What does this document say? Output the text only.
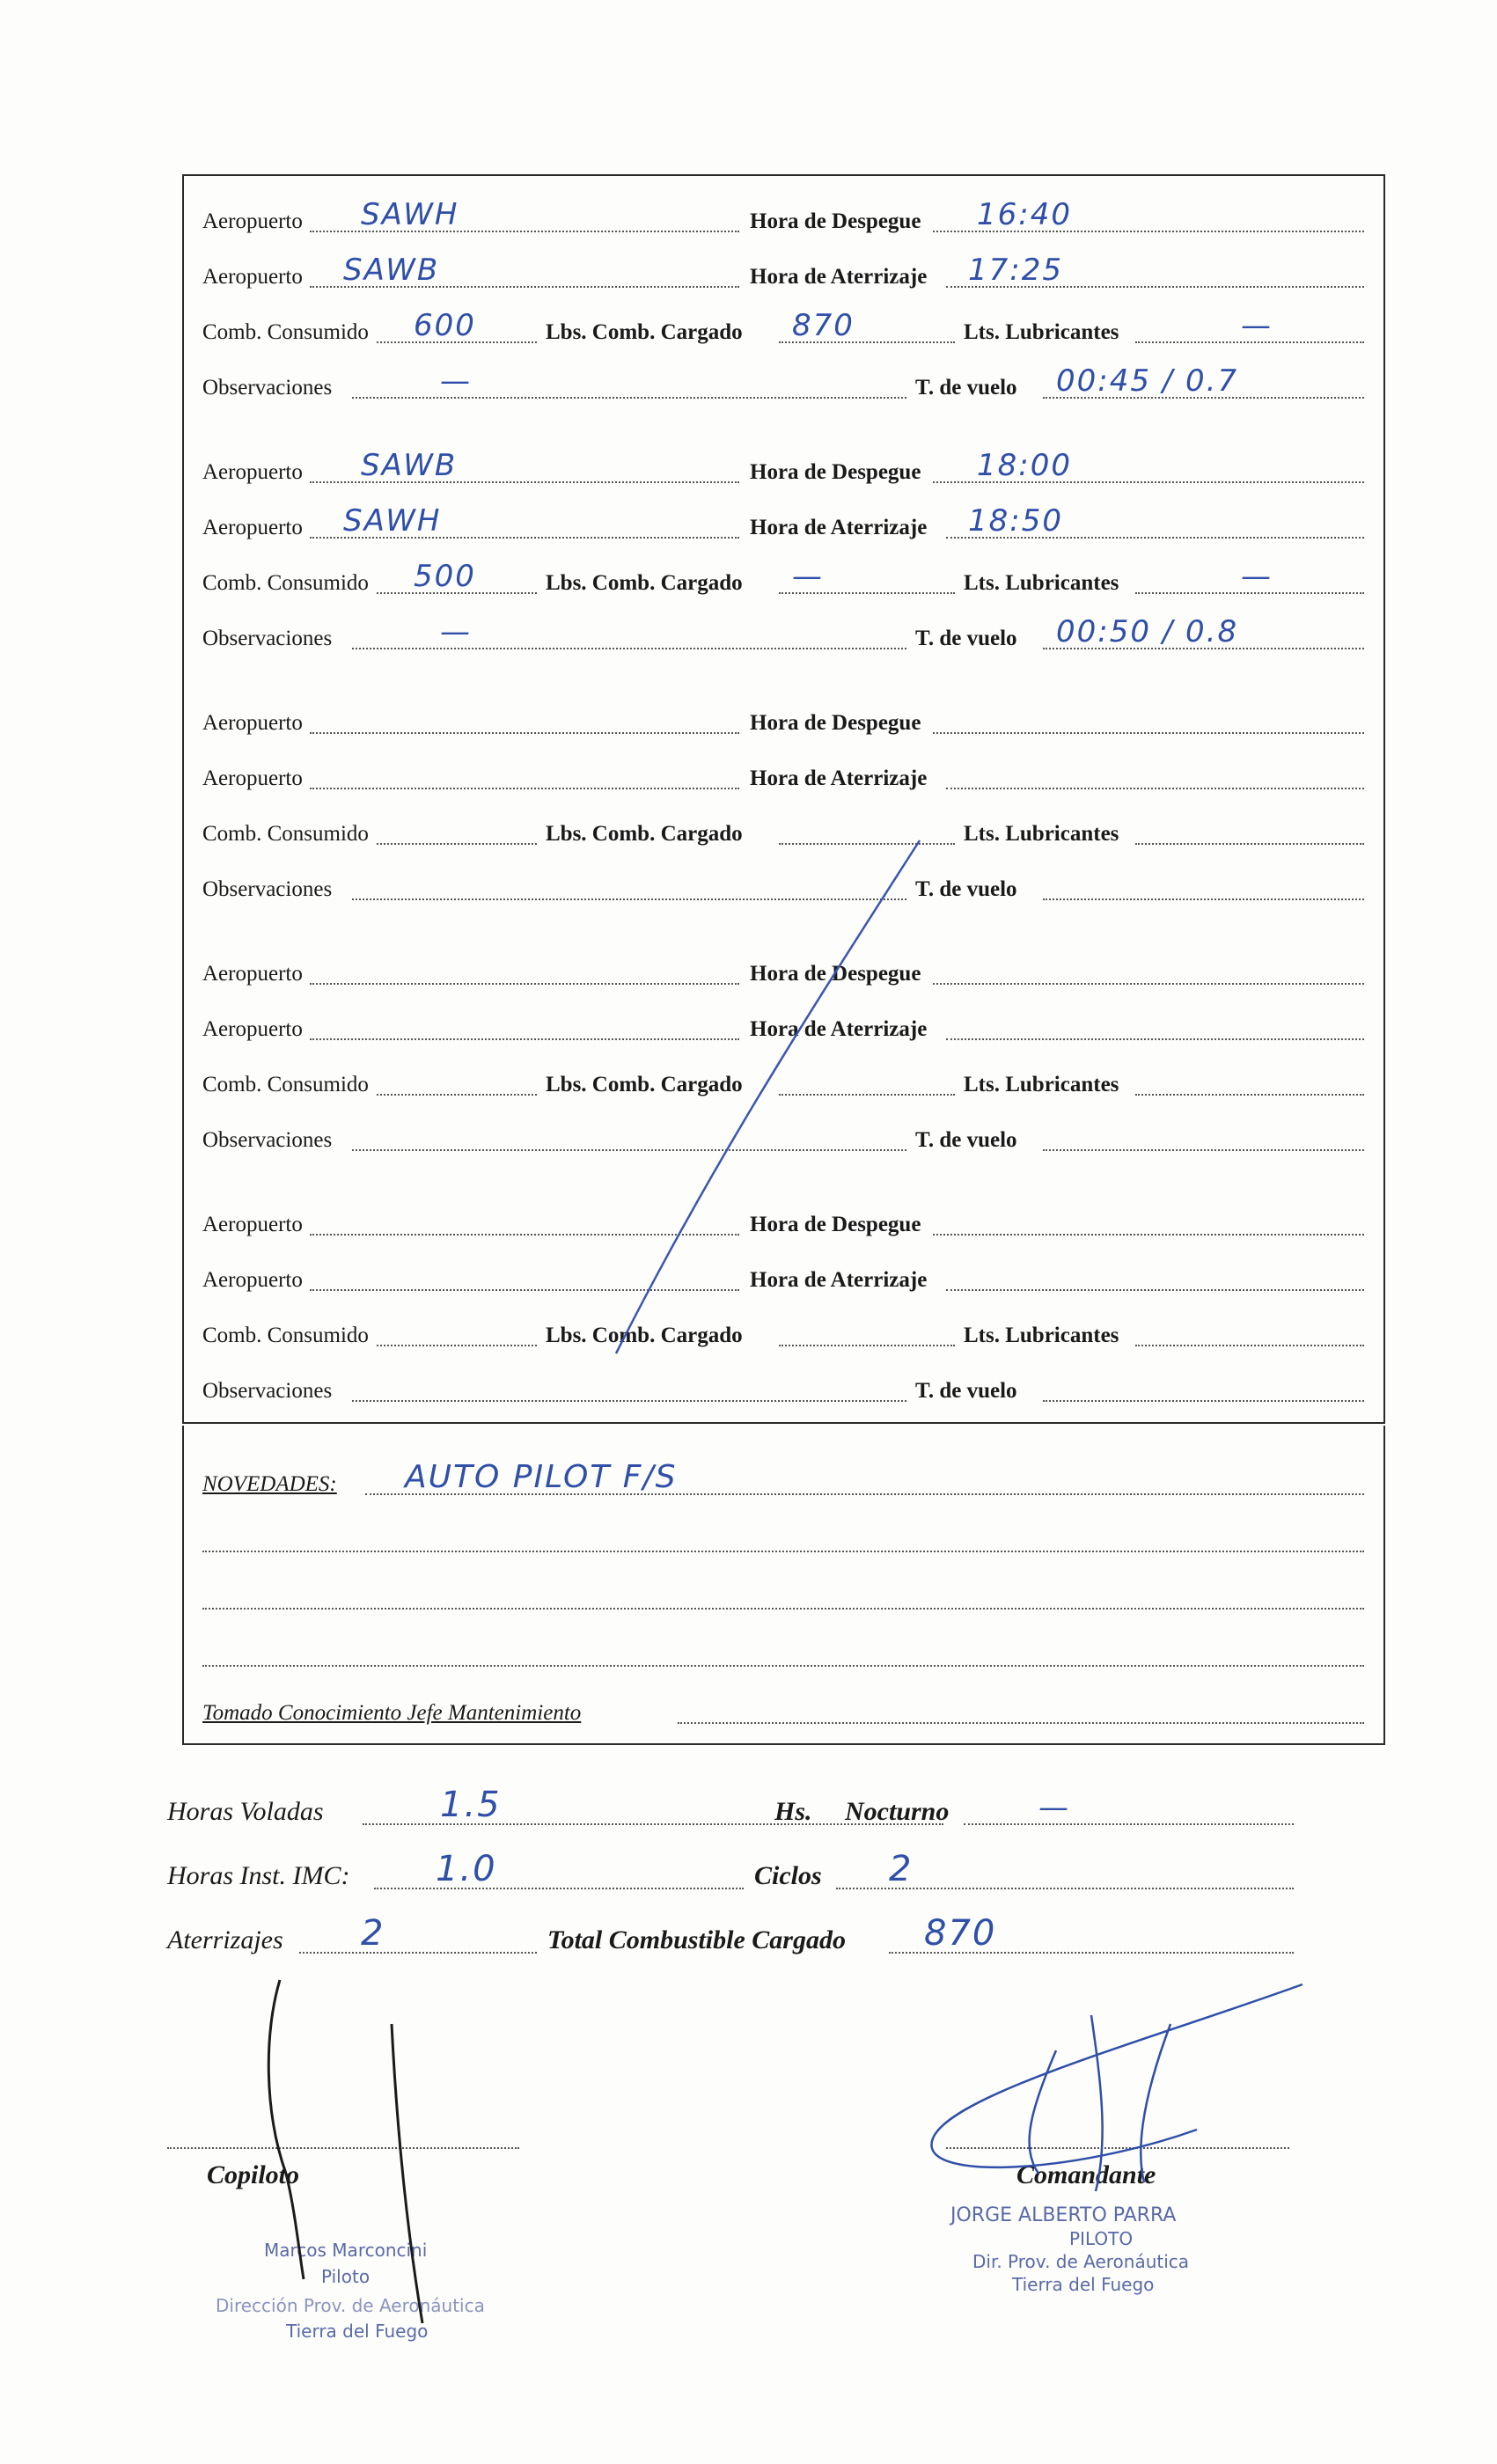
Aeropuerto SAWH	Hora de Despegue 16:40
Aeropuerto SAWB	Hora de Aterrizaje 17:25
Comb. Consumido 600	Lbs. Comb. Cargado 870	Lts. Lubricantes	—
Observaciones	—	T. de vuelo 00:45 / 0.7
Aeropuerto SAWB	Hora de Despegue 18:00
Aeropuerto SAWH	Hora de Aterrizaje 18:50
Comb. Consumido 500	Lbs. Comb. Cargado —	Lts. Lubricantes	—
Observaciones	—	T. de vuelo 00:50 / 0.8
Aeropuerto	Hora de Despegue
Aeropuerto	Hora de Aterrizaje
Comb. Consumido	Lbs. Comb. Cargado	Lts. Lubricantes
Observaciones	T. de vuelo
Aeropuerto	Hora de Despegue
Aeropuerto	Hora de Aterrizaje
Comb. Consumido	Lbs. Comb. Cargado	Lts. Lubricantes
Observaciones	T. de vuelo
Aeropuerto	Hora de Despegue
Aeropuerto	Hora de Aterrizaje
Comb. Consumido	Lbs. Comb. Cargado	Lts. Lubricantes
Observaciones	T. de vuelo
NOVEDADES: AUTO PILOT F/S
Tomado Conocimiento Jefe Mantenimiento
Horas Voladas	1.5	Hs. Nocturno	—
Horas Inst. IMC: 1.0	Ciclos 2
Aterrizajes 2	Total Combustible Cargado 870
Copiloto	Comandante
Marcos Marconcini
Piloto
Dirección Prov. de Aeronáutica
Tierra del Fuego
JORGE ALBERTO PARRA
PILOTO
Dir. Prov. de Aeronáutica
Tierra del Fuego
